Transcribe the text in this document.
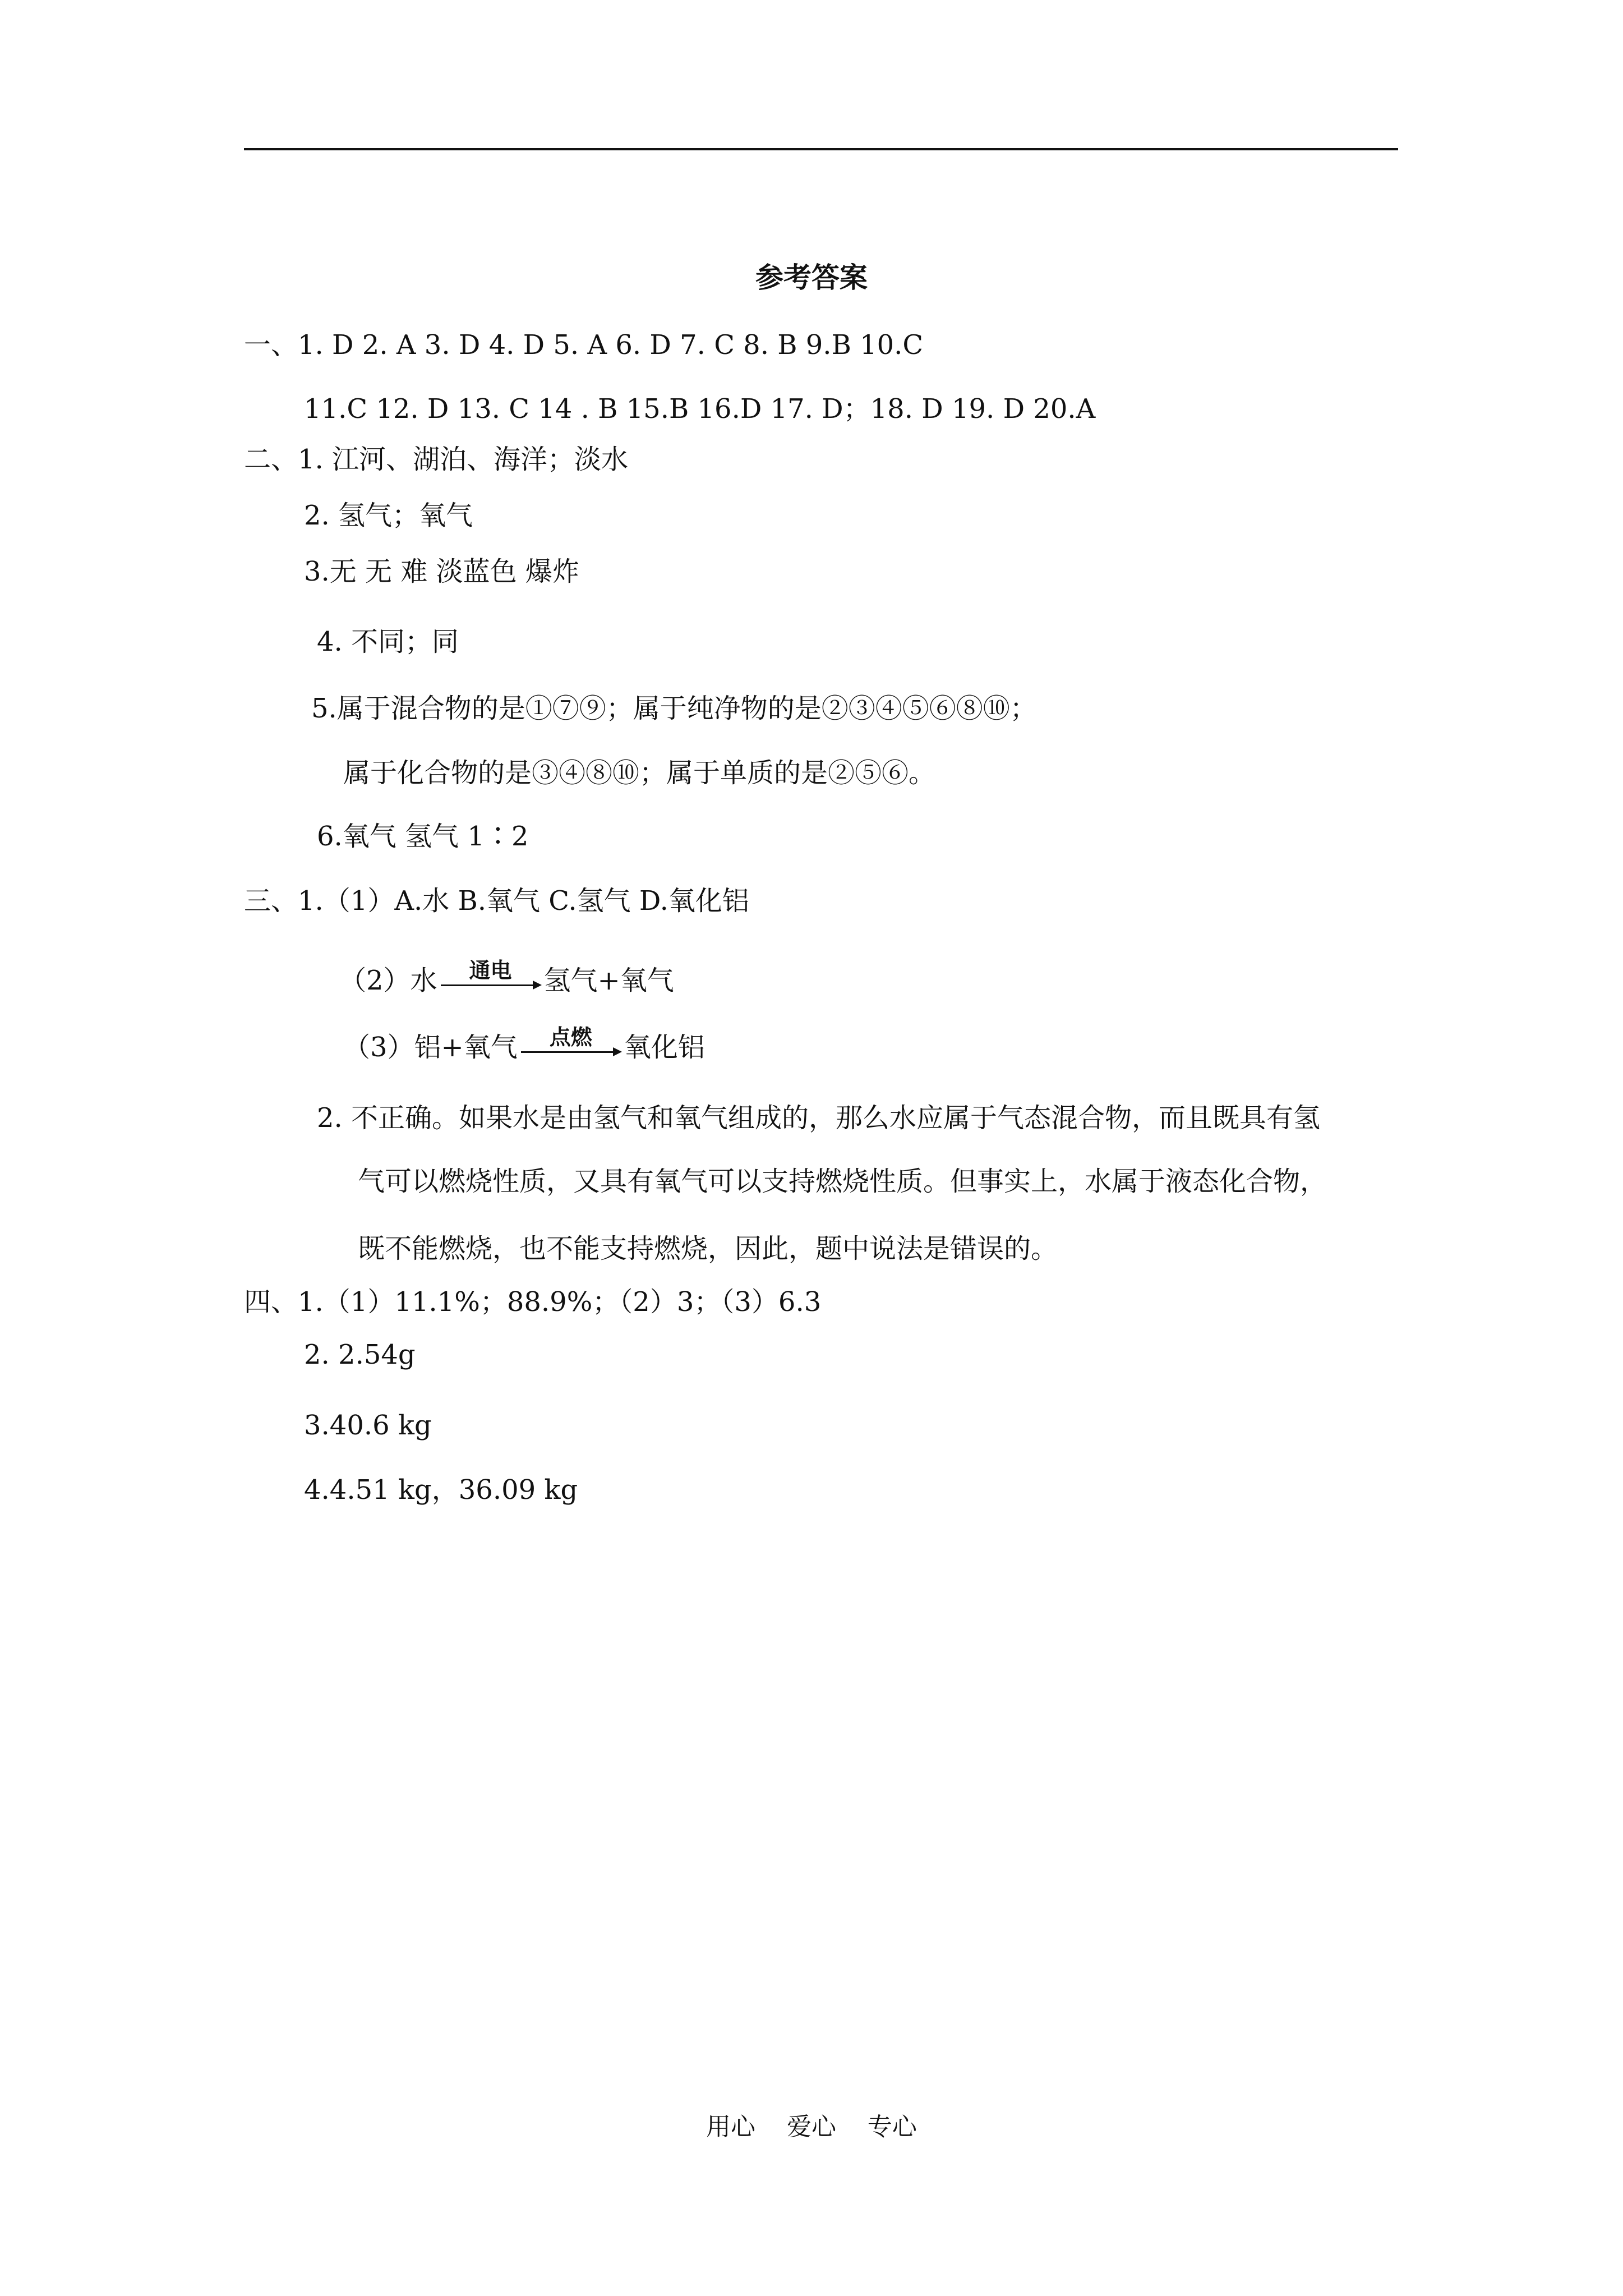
参考答案
一、1. D 2. A 3. D 4. D 5. A 6. D 7. C 8. B 9.B 10.C
11.C 12. D 13. C 14 . B 15.B 16.D 17. D；18. D 19. D 20.A
二、1. 江河、湖泊、海洋；淡水
2. 氢气；氧气
3.无 无 难 淡蓝色 爆炸
4. 不同；同
5.属于混合物的是①⑦⑨；属于纯净物的是②③④⑤⑥⑧⑩；
属于化合物的是③④⑧⑩；属于单质的是②⑤⑥。
6.氧气 氢气 1∶2
三、1.（1）A.水 B.氧气 C.氢气 D.氧化铝
（2）水	通电	氢气+氧气
（3）铝+氧气	点燃	氧化铝
2. 不正确。如果水是由氢气和氧气组成的，那么水应属于气态混合物，而且既具有氢
气可以燃烧性质，又具有氧气可以支持燃烧性质。但事实上，水属于液态化合物，
既不能燃烧，也不能支持燃烧，因此，题中说法是错误的。
四、1.（1）11.1%；88.9%；（2）3；（3）6.3
2. 2.54g
3.40.6 kg
4.4.51 kg，36.09 kg
用心    爱心    专心
